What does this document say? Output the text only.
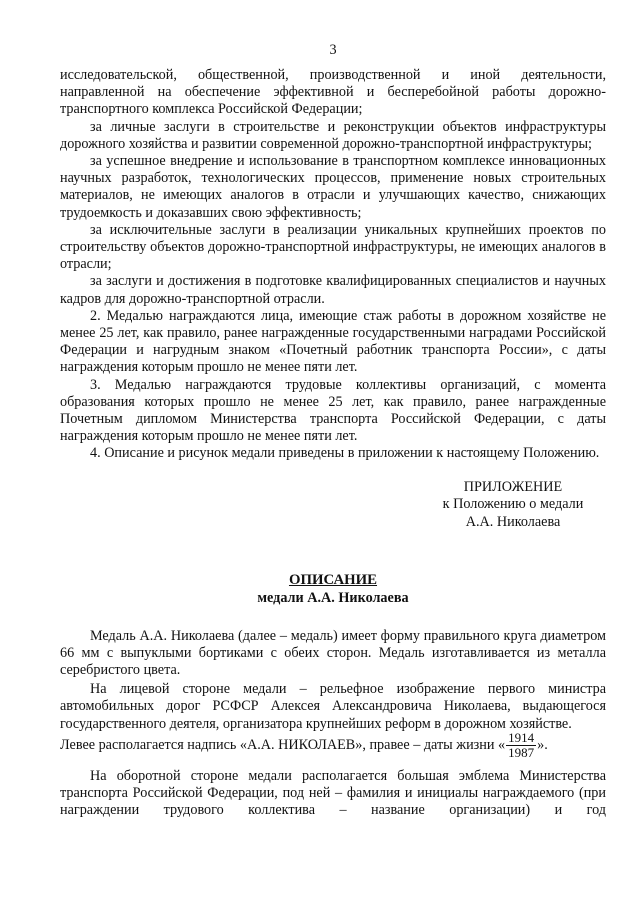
3

исследовательской, общественной, производственной и иной деятельности, направленной на обеспечение эффективной и бесперебойной работы дорожно-транспортного комплекса Российской Федерации;

за личные заслуги в строительстве и реконструкции объектов инфраструктуры дорожного хозяйства и развитии современной дорожно-транспортной инфраструктуры;

за успешное внедрение и использование в транспортном комплексе инновационных научных разработок, технологических процессов, применение новых строительных материалов, не имеющих аналогов в отрасли и улучшающих качество, снижающих трудоемкость и доказавших свою эффективность;

за исключительные заслуги в реализации уникальных крупнейших проектов по строительству объектов дорожно-транспортной инфраструктуры, не имеющих аналогов в отрасли;

за заслуги и достижения в подготовке квалифицированных специалистов и научных кадров для дорожно-транспортной отрасли.

2. Медалью награждаются лица, имеющие стаж работы в дорожном хозяйстве не менее 25 лет, как правило, ранее награжденные государственными наградами Российской Федерации и нагрудным знаком «Почетный работник транспорта России», с даты награждения которым прошло не менее пяти лет.

3. Медалью награждаются трудовые коллективы организаций, с момента образования которых прошло не менее 25 лет, как правило, ранее награжденные Почетным дипломом Министерства транспорта Российской Федерации, с даты награждения которым прошло не менее пяти лет.

4. Описание и рисунок медали приведены в приложении к настоящему Положению.

ПРИЛОЖЕНИЕ
к Положению о медали
А.А. Николаева
ОПИСАНИЕ
медали А.А. Николаева

Медаль А.А. Николаева (далее – медаль) имеет форму правильного круга диаметром 66 мм с выпуклыми бортиками с обеих сторон. Медаль изготавливается из металла серебристого цвета.

На лицевой стороне медали – рельефное изображение первого министра автомобильных дорог РСФСР Алексея Александровича Николаева, выдающегося государственного деятеля, организатора крупнейших реформ в дорожном хозяйстве.

Левее располагается надпись «А.А. НИКОЛАЕВ», правее – даты жизни « $\frac{1914}{1987}$ ».

На оборотной стороне медали располагается большая эмблема Министерства транспорта Российской Федерации, под ней – фамилия и инициалы награждаемого (при награждении трудового коллектива – название организации) и год
